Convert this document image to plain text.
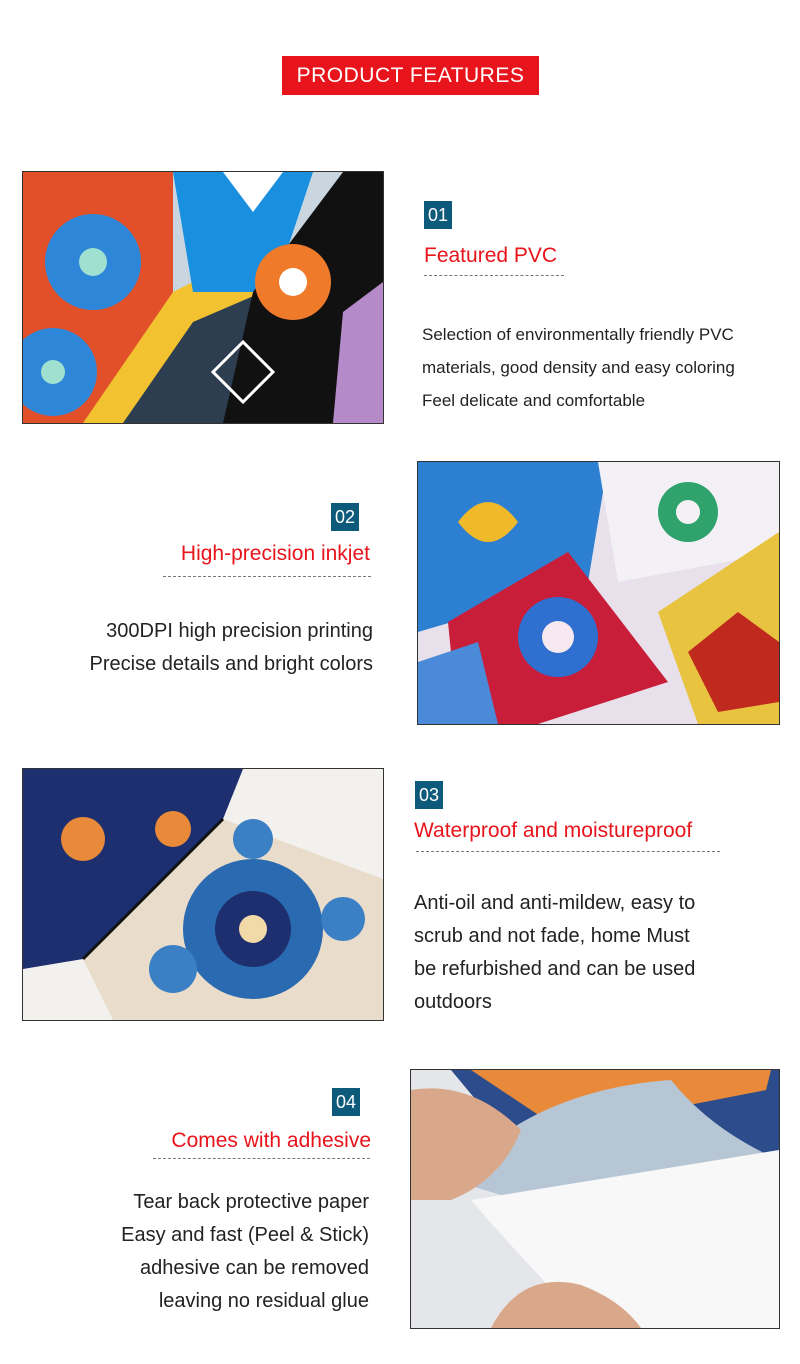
PRODUCT FEATURES
01
Featured PVC
Selection of environmentally friendly PVC
materials, good density and easy coloring
Feel delicate and comfortable
02
High-precision inkjet
300DPI high precision printing
Precise details and bright colors
03
Waterproof and moistureproof
Anti-oil and anti-mildew, easy to
scrub and not fade, home Must
be refurbished and can be used
outdoors
04
Comes with adhesive
Tear back protective paper
Easy and fast (Peel & Stick)
adhesive can be removed
leaving no residual glue
